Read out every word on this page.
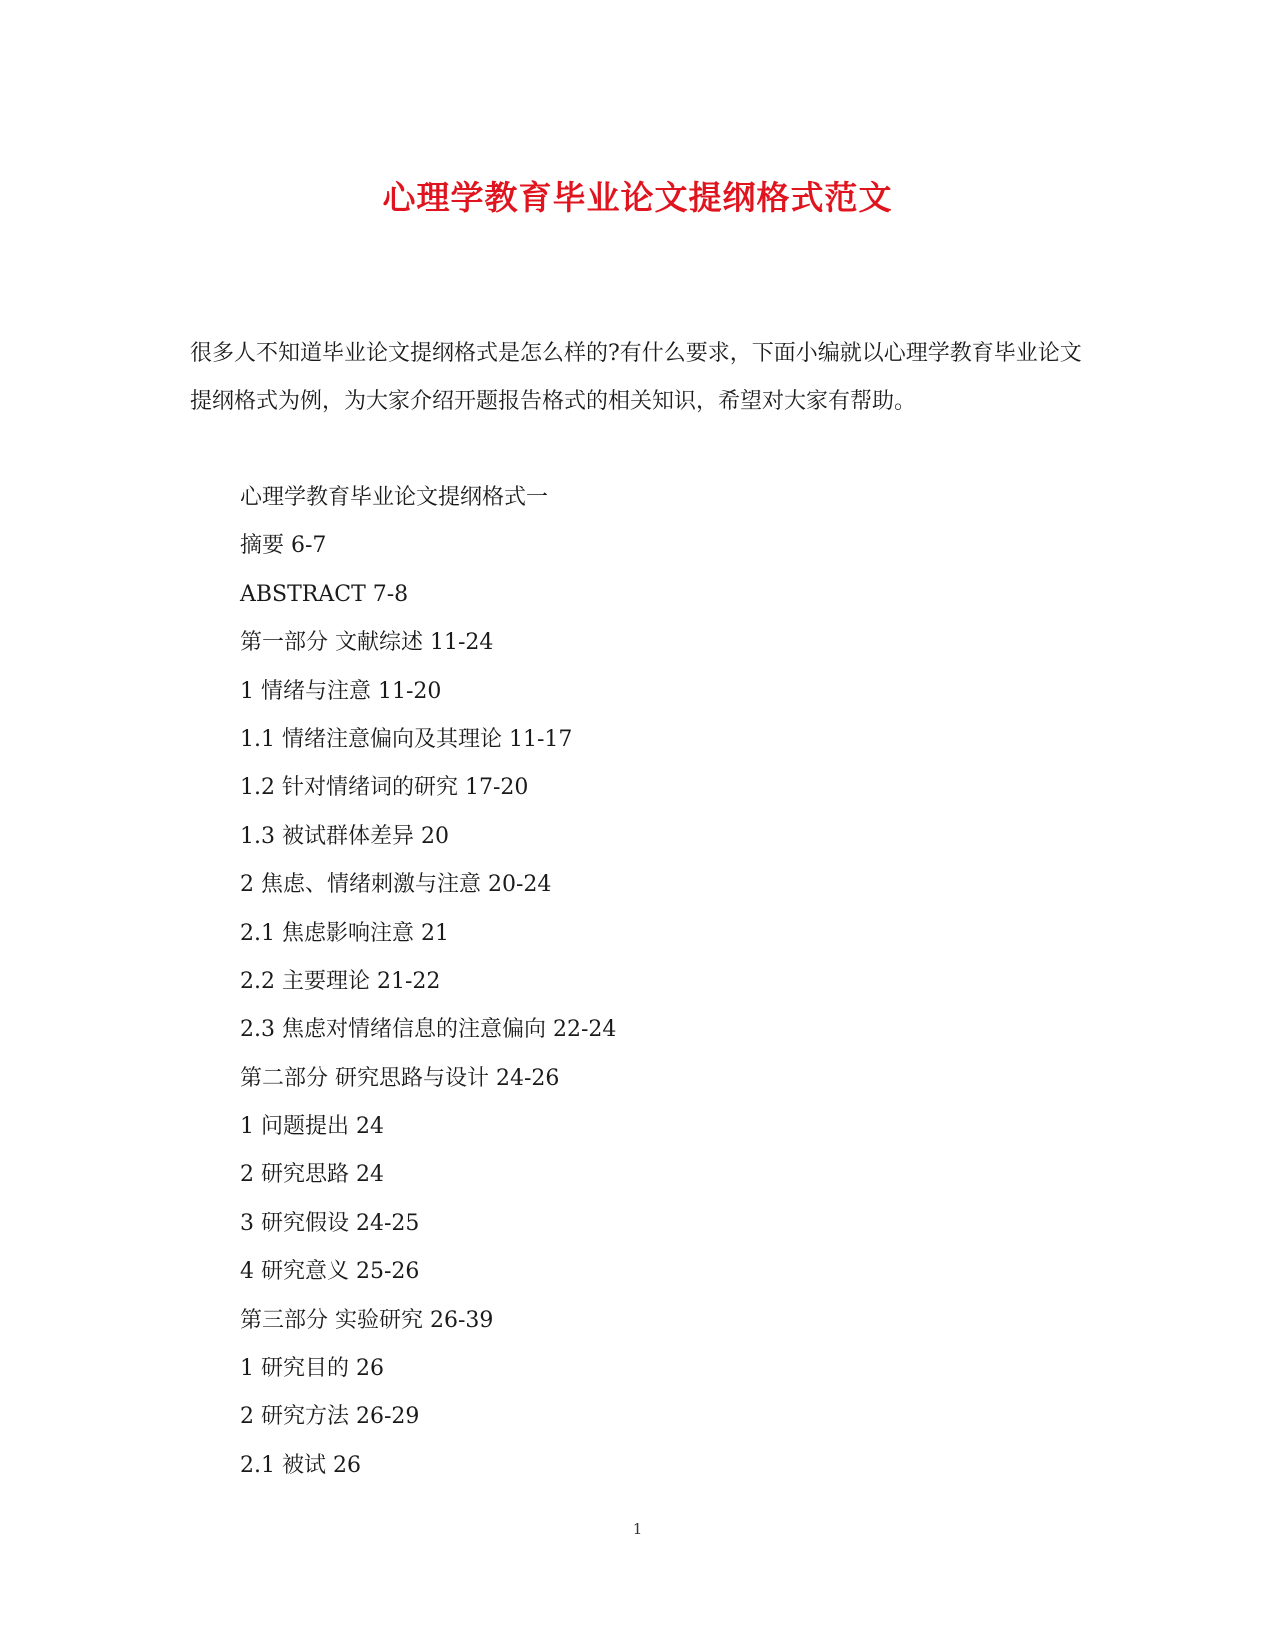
心理学教育毕业论文提纲格式范文

很多人不知道毕业论文提纲格式是怎么样的?有什么要求，下面小编就以心理学教育毕业论文提纲格式为例，为大家介绍开题报告格式的相关知识，希望对大家有帮助。

心理学教育毕业论文提纲格式一
摘要 6-7
ABSTRACT 7-8
第一部分 文献综述 11-24
1 情绪与注意 11-20
1.1 情绪注意偏向及其理论 11-17
1.2 针对情绪词的研究 17-20
1.3 被试群体差异 20
2 焦虑、情绪刺激与注意 20-24
2.1 焦虑影响注意 21
2.2 主要理论 21-22
2.3 焦虑对情绪信息的注意偏向 22-24
第二部分 研究思路与设计 24-26
1 问题提出 24
2 研究思路 24
3 研究假设 24-25
4 研究意义 25-26
第三部分 实验研究 26-39
1 研究目的 26
2 研究方法 26-29
2.1 被试 26
1
